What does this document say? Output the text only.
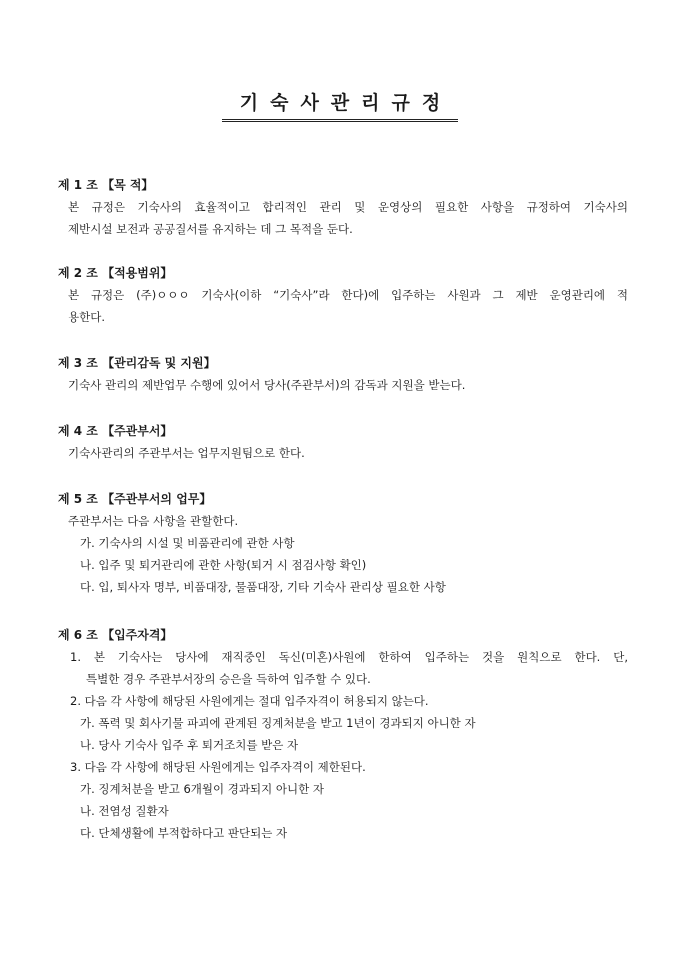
기숙사관리규정

제 1 조 【목 적】

본 규정은 기숙사의 효율적이고 합리적인 관리 및 운영상의 필요한 사항을 규정하여 기숙사의

제반시설 보전과 공공질서를 유지하는 데 그 목적을 둔다.

제 2 조 【적용범위】

본 규정은 (주)ㅇㅇㅇ 기숙사(이하 “기숙사”라 한다)에 입주하는 사원과 그 제반 운영관리에 적

용한다.

제 3 조 【관리감독 및 지원】

기숙사 관리의 제반업무 수행에 있어서 당사(주관부서)의 감독과 지원을 받는다.

제 4 조 【주관부서】

기숙사관리의 주관부서는 업무지원팀으로 한다.

제 5 조 【주관부서의 업무】

주관부서는 다음 사항을 관할한다.

가. 기숙사의 시설 및 비품관리에 관한 사항

나. 입주 및 퇴거관리에 관한 사항(퇴거 시 점검사항 확인)

다. 입, 퇴사자 명부, 비품대장, 물품대장, 기타 기숙사 관리상 필요한 사항

제 6 조 【입주자격】

1. 본 기숙사는 당사에 재직중인 독신(미혼)사원에 한하여 입주하는 것을 원칙으로 한다. 단,

특별한 경우 주관부서장의 승은을 득하여 입주할 수 있다.

2. 다음 각 사항에 해당된 사원에게는 절대 입주자격이 허용되지 않는다.

가. 폭력 및 회사기물 파괴에 관계된 징계처분을 받고 1년이 경과되지 아니한 자

나. 당사 기숙사 입주 후 퇴거조치를 받은 자

3. 다음 각 사항에 해당된 사원에게는 입주자격이 제한된다.

가. 징계처분을 받고 6개월이 경과되지 아니한 자

나. 전염성 질환자

다. 단체생활에 부적합하다고 판단되는 자
